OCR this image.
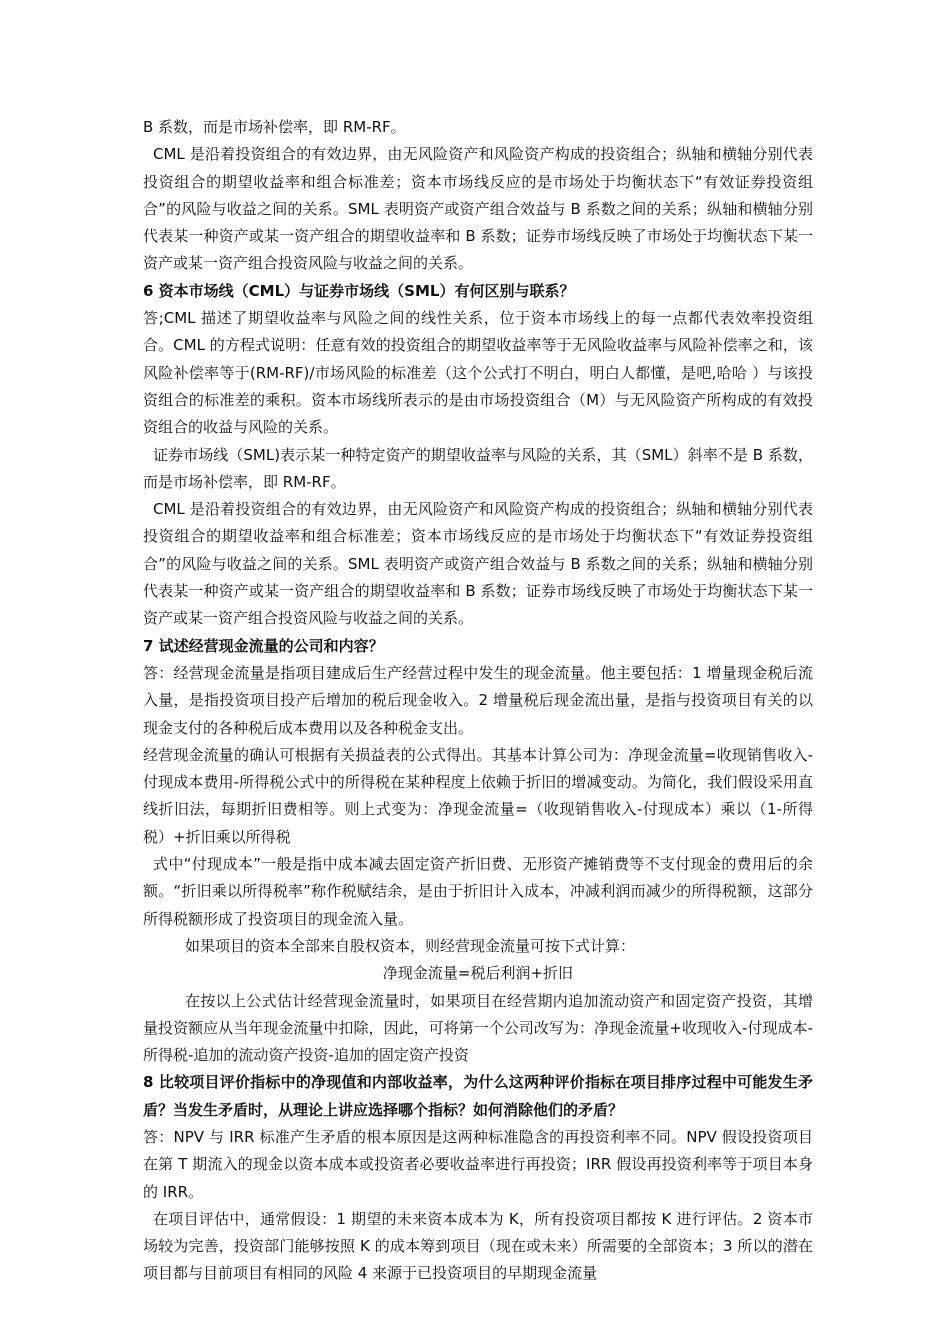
B 系数，而是市场补偿率，即 RM-RF。

CML 是沿着投资组合的有效边界，由无风险资产和风险资产构成的投资组合；纵轴和横轴分别代表投资组合的期望收益率和组合标准差；资本市场线反应的是市场处于均衡状态下“有效证券投资组合”的风险与收益之间的关系。SML 表明资产或资产组合效益与 B 系数之间的关系；纵轴和横轴分别代表某一种资产或某一资产组合的期望收益率和 B 系数；证券市场线反映了市场处于均衡状态下某一资产或某一资产组合投资风险与收益之间的关系。

6 资本市场线（CML）与证券市场线（SML）有何区别与联系？

答;CML 描述了期望收益率与风险之间的线性关系，位于资本市场线上的每一点都代表效率投资组合。CML 的方程式说明：任意有效的投资组合的期望收益率等于无风险收益率与风险补偿率之和，该风险补偿率等于(RM-RF)/市场风险的标准差（这个公式打不明白，明白人都懂，是吧,哈哈 ）与该投资组合的标准差的乘积。资本市场线所表示的是由市场投资组合（M）与无风险资产所构成的有效投资组合的收益与风险的关系。

证券市场线（SML)表示某一种特定资产的期望收益率与风险的关系，其（SML）斜率不是 B 系数，而是市场补偿率，即 RM-RF。

CML 是沿着投资组合的有效边界，由无风险资产和风险资产构成的投资组合；纵轴和横轴分别代表投资组合的期望收益率和组合标准差；资本市场线反应的是市场处于均衡状态下“有效证券投资组合”的风险与收益之间的关系。SML 表明资产或资产组合效益与 B 系数之间的关系；纵轴和横轴分别代表某一种资产或某一资产组合的期望收益率和 B 系数；证券市场线反映了市场处于均衡状态下某一资产或某一资产组合投资风险与收益之间的关系。

7 试述经营现金流量的公司和内容？

答：经营现金流量是指项目建成后生产经营过程中发生的现金流量。他主要包括：1 增量现金税后流入量，是指投资项目投产后增加的税后现金收入。2 增量税后现金流出量，是指与投资项目有关的以现金支付的各种税后成本费用以及各种税金支出。

经营现金流量的确认可根据有关损益表的公式得出。其基本计算公司为：净现金流量=收现销售收入-付现成本费用-所得税公式中的所得税在某种程度上依赖于折旧的增减变动。为简化，我们假设采用直线折旧法，每期折旧费相等。则上式变为：净现金流量=（收现销售收入-付现成本）乘以（1-所得税）+折旧乘以所得税

式中“付现成本”一般是指中成本减去固定资产折旧费、无形资产摊销费等不支付现金的费用后的余额。“折旧乘以所得税率”称作税赋结余，是由于折旧计入成本，冲减利润而减少的所得税额，这部分所得税额形成了投资项目的现金流入量。

如果项目的资本全部来自股权资本，则经营现金流量可按下式计算：

净现金流量=税后利润+折旧

在按以上公式估计经营现金流量时，如果项目在经营期内追加流动资产和固定资产投资，其增量投资额应从当年现金流量中扣除，因此，可将第一个公司改写为：净现金流量+收现收入-付现成本-所得税-追加的流动资产投资-追加的固定资产投资

8 比较项目评价指标中的净现值和内部收益率，为什么这两种评价指标在项目排序过程中可能发生矛盾？当发生矛盾时，从理论上讲应选择哪个指标？如何消除他们的矛盾？

答：NPV 与 IRR 标准产生矛盾的根本原因是这两种标准隐含的再投资利率不同。NPV 假设投资项目在第 T 期流入的现金以资本成本或投资者必要收益率进行再投资；IRR 假设再投资利率等于项目本身的 IRR。

在项目评估中，通常假设：1 期望的未来资本成本为 K，所有投资项目都按 K 进行评估。2 资本市场较为完善，投资部门能够按照 K 的成本筹到项目（现在或未来）所需要的全部资本；3 所以的潜在项目都与目前项目有相同的风险 4 来源于已投资项目的早期现金流量
